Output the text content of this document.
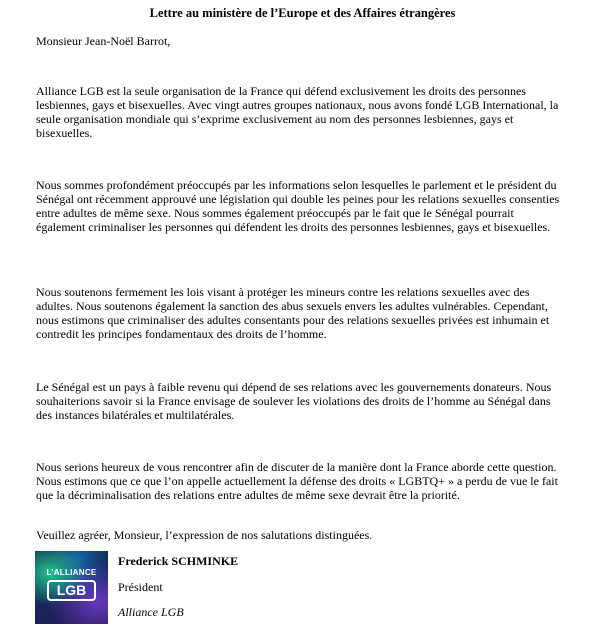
Lettre au ministère de l’Europe et des Affaires étrangères
Monsieur Jean-Noël Barrot,

Alliance LGB est la seule organisation de la France qui défend exclusivement les droits des personnes lesbiennes, gays et bisexuelles. Avec vingt autres groupes nationaux, nous avons fondé LGB International, la seule organisation mondiale qui s’exprime exclusivement au nom des personnes lesbiennes, gays et bisexuelles.

Nous sommes profondément préoccupés par les informations selon lesquelles le parlement et le président du Sénégal ont récemment approuvé une législation qui double les peines pour les relations sexuelles consenties entre adultes de même sexe. Nous sommes également préoccupés par le fait que le Sénégal pourrait également criminaliser les personnes qui défendent les droits des personnes lesbiennes, gays et bisexuelles.

Nous soutenons fermement les lois visant à protéger les mineurs contre les relations sexuelles avec des adultes. Nous soutenons également la sanction des abus sexuels envers les adultes vulnérables. Cependant, nous estimons que criminaliser des adultes consentants pour des relations sexuelles privées est inhumain et contredit les principes fondamentaux des droits de l’homme.

Le Sénégal est un pays à faible revenu qui dépend de ses relations avec les gouvernements donateurs. Nous souhaiterions savoir si la France envisage de soulever les violations des droits de l’homme au Sénégal dans des instances bilatérales et multilatérales.

Nous serions heureux de vous rencontrer afin de discuter de la manière dont la France aborde cette question. Nous estimons que ce que l’on appelle actuellement la défense des droits « LGBTQ+ » a perdu de vue le fait que la décriminalisation des relations entre adultes de même sexe devrait être la priorité.

Veuillez agréer, Monsieur, l’expression de nos salutations distinguées.
L’ALLIANCE
LGB
Frederick SCHMINKE
Président
Alliance LGB
